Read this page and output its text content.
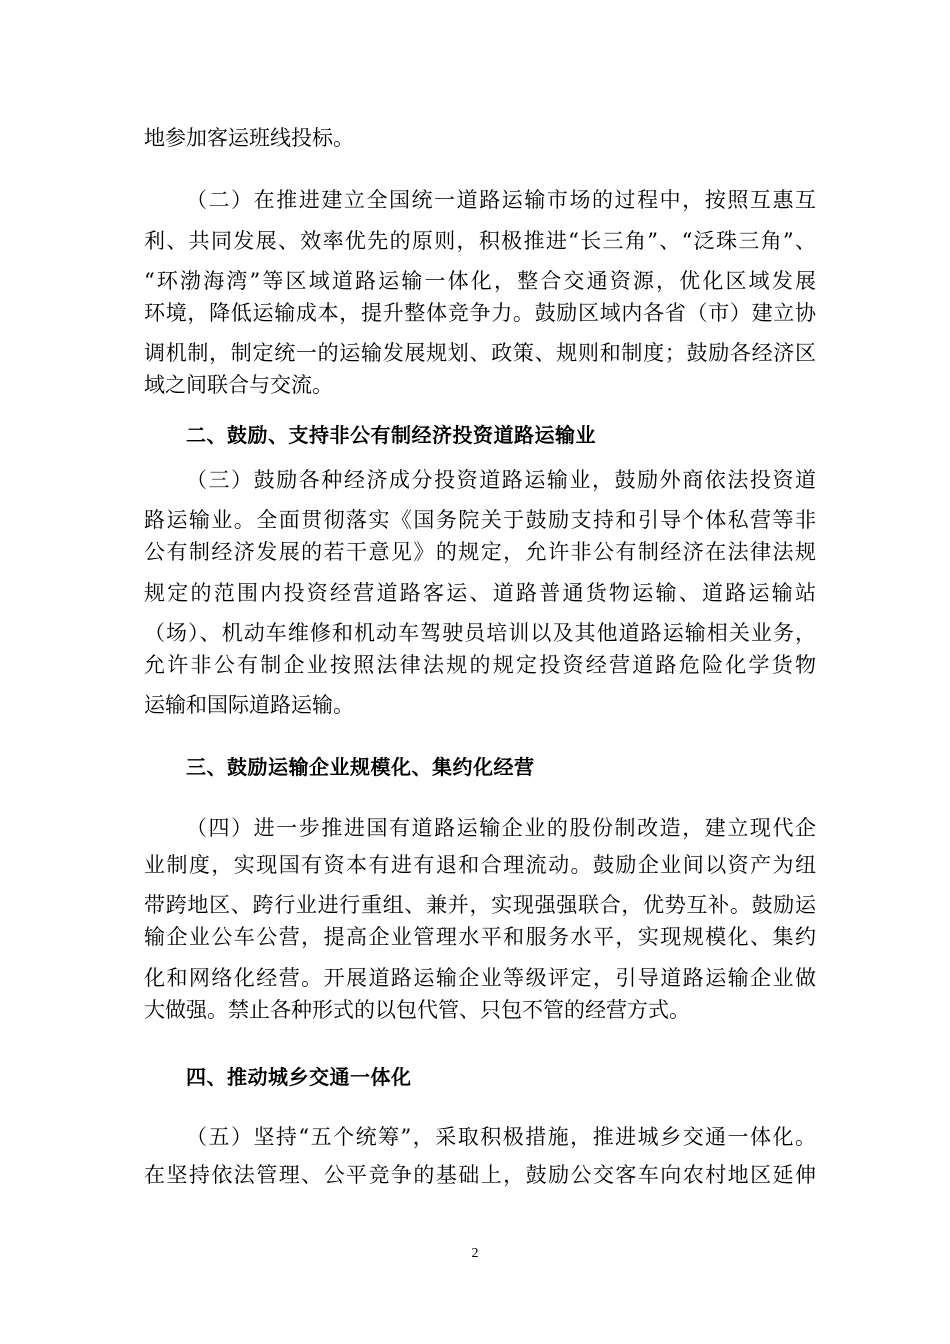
地参加客运班线投标。
（二）在推进建立全国统一道路运输市场的过程中，按照互惠互
利、共同发展、效率优先的原则，积极推进“长三角”、“泛珠三角”、
“环渤海湾”等区域道路运输一体化，整合交通资源，优化区域发展
环境，降低运输成本，提升整体竞争力。鼓励区域内各省（市）建立协
调机制，制定统一的运输发展规划、政策、规则和制度；鼓励各经济区
域之间联合与交流。
二、鼓励、支持非公有制经济投资道路运输业
（三）鼓励各种经济成分投资道路运输业，鼓励外商依法投资道
路运输业。全面贯彻落实《国务院关于鼓励支持和引导个体私营等非
公有制经济发展的若干意见》的规定，允许非公有制经济在法律法规
规定的范围内投资经营道路客运、道路普通货物运输、道路运输站
（场）、机动车维修和机动车驾驶员培训以及其他道路运输相关业务，
允许非公有制企业按照法律法规的规定投资经营道路危险化学货物
运输和国际道路运输。
三、鼓励运输企业规模化、集约化经营
（四）进一步推进国有道路运输企业的股份制改造，建立现代企
业制度，实现国有资本有进有退和合理流动。鼓励企业间以资产为纽
带跨地区、跨行业进行重组、兼并，实现强强联合，优势互补。鼓励运
输企业公车公营，提高企业管理水平和服务水平，实现规模化、集约
化和网络化经营。开展道路运输企业等级评定，引导道路运输企业做
大做强。禁止各种形式的以包代管、只包不管的经营方式。
四、推动城乡交通一体化
（五）坚持“五个统筹”，采取积极措施，推进城乡交通一体化。
在坚持依法管理、公平竞争的基础上，鼓励公交客车向农村地区延伸
2
